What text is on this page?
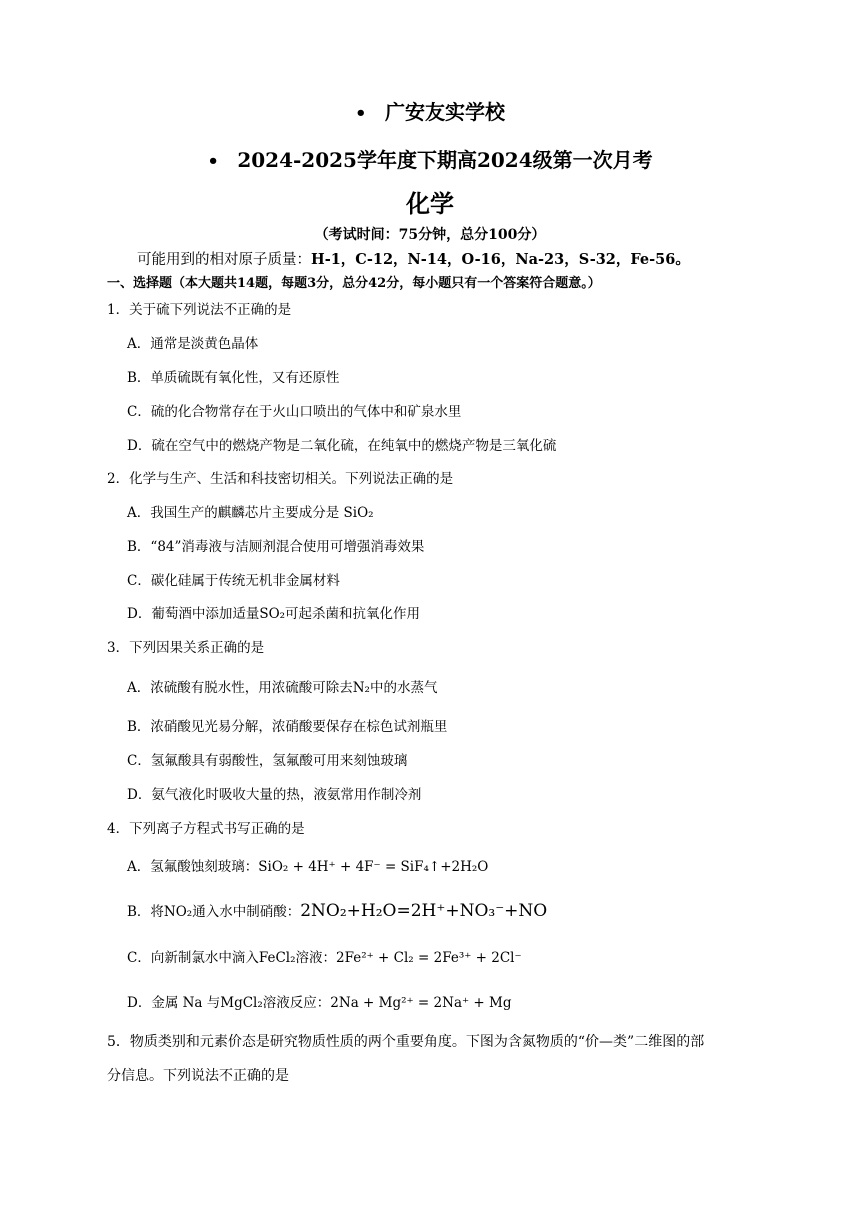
• 广安友实学校
• 2024-2025学年度下期高2024级第一次月考
化学
（考试时间：75分钟，总分100分）
可能用到的相对原子质量：H-1，C-12，N-14，O-16，Na-23，S-32，Fe-56。
一、选择题（本大题共14题，每题3分，总分42分，每小题只有一个答案符合题意。）
1．关于硫下列说法不正确的是
A．通常是淡黄色晶体
B．单质硫既有氧化性，又有还原性
C．硫的化合物常存在于火山口喷出的气体中和矿泉水里
D．硫在空气中的燃烧产物是二氧化硫，在纯氧中的燃烧产物是三氧化硫
2．化学与生产、生活和科技密切相关。下列说法正确的是
A．我国生产的麒麟芯片主要成分是 SiO₂
B．“84”消毒液与洁厕剂混合使用可增强消毒效果
C．碳化硅属于传统无机非金属材料
D．葡萄酒中添加适量SO₂可起杀菌和抗氧化作用
3．下列因果关系正确的是
A．浓硫酸有脱水性，用浓硫酸可除去N₂中的水蒸气
B．浓硝酸见光易分解，浓硝酸要保存在棕色试剂瓶里
C．氢氟酸具有弱酸性，氢氟酸可用来刻蚀玻璃
D．氨气液化时吸收大量的热，液氨常用作制冷剂
4．下列离子方程式书写正确的是
A．氢氟酸蚀刻玻璃：SiO₂ + 4H⁺ + 4F⁻ = SiF₄↑+2H₂O
B．将NO₂通入水中制硝酸：2NO₂+H₂O=2H⁺+NO₃⁻+NO
C．向新制氯水中滴入FeCl₂溶液：2Fe²⁺ + Cl₂ = 2Fe³⁺ + 2Cl⁻
D．金属 Na 与MgCl₂溶液反应：2Na + Mg²⁺ = 2Na⁺ + Mg
5．物质类别和元素价态是研究物质性质的两个重要角度。下图为含氮物质的“价—类”二维图的部
分信息。下列说法不正确的是
